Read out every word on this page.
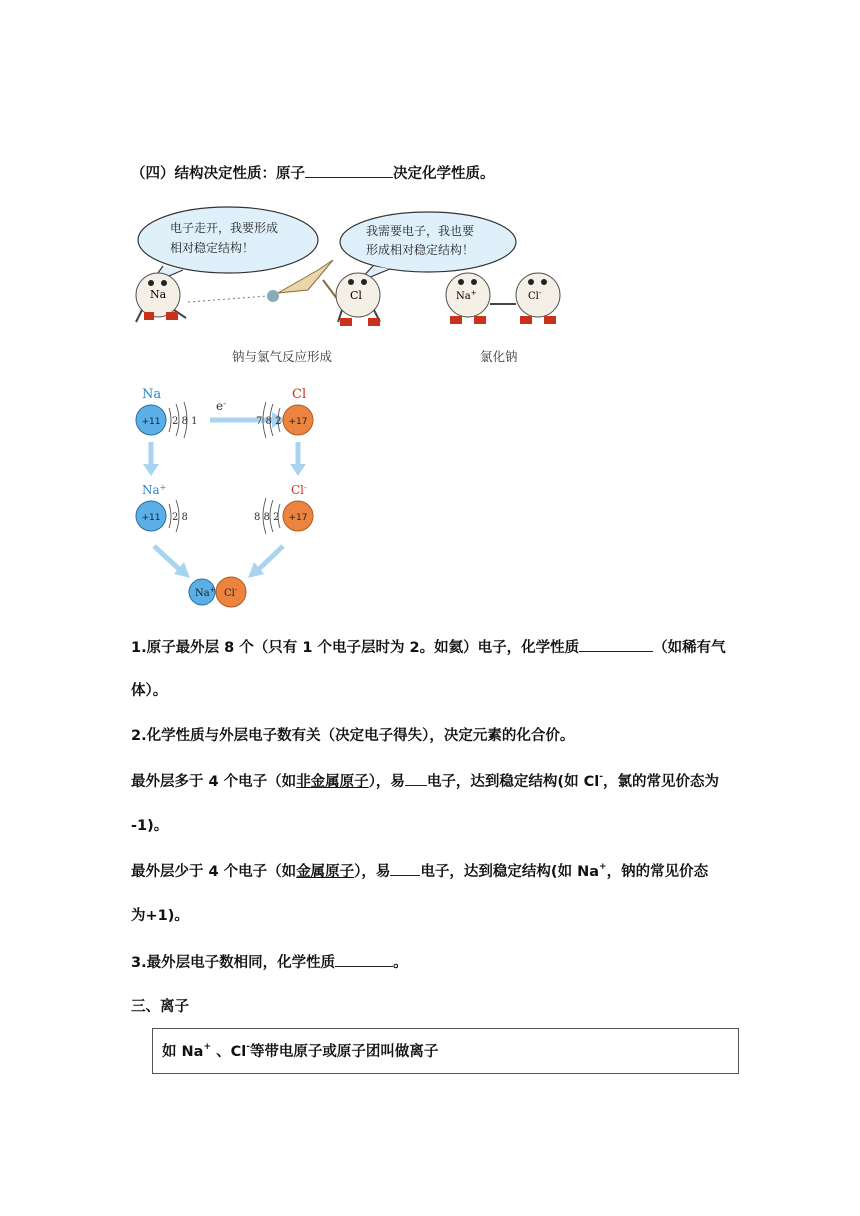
（四）结构决定性质：原子	决定化学性质。
电子走开，我要形成
相对稳定结构！
我需要电子，我也要
形成相对稳定结构！
Na	Cl	Na+	Cl-
钠与氯气反应形成	氯化钠
Na	Cl
e-
+11 2 8 1	+17
7 8 2
Na+	Cl-
+11 2 8	+17
8 8 2
Na+ Cl-
1.原子最外层 8 个（只有 1 个电子层时为 2。如氦）电子，化学性质	（如稀有气
体）。
2.化学性质与外层电子数有关（决定电子得失），决定元素的化合价。
最外层多于 4 个电子（如非金属原子），易 电子，达到稳定结构(如 Cl-，氯的常见价态为
-1)。
最外层少于 4 个电子（如金属原子），易 电子，达到稳定结构(如 Na+，钠的常见价态
为+1)。
3.最外层电子数相同，化学性质	。
三、离子
如 Na+ 、Cl-等带电原子或原子团叫做离子
